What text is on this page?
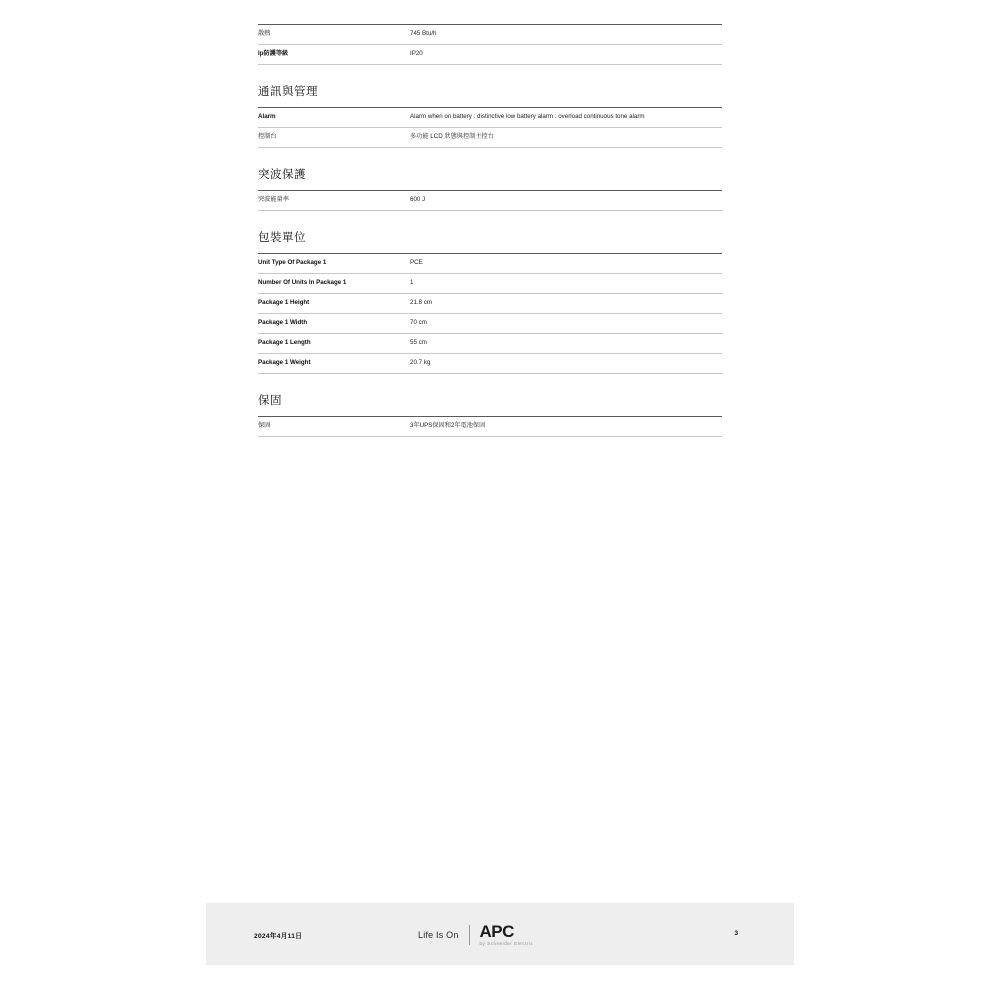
散熱	745 Btu/h
Ip防護等級	IP20
通訊與管理
Alarm	Alarm when on battery : distinctive low battery alarm : overload continuous tone alarm
控制台	多功能 LCD 狀態與控制主控台
突波保護
突波能量率	600 J
包裝單位
Unit Type Of Package 1	PCE
Number Of Units In Package 1	1
Package 1 Height	21.8 cm
Package 1 Width	70 cm
Package 1 Length	55 cm
Package 1 Weight	20.7 kg
保固
保固	3年UPS保固和2年電池保固
2024年4月11日	Life Is On APC
by Schneider Electric
3
